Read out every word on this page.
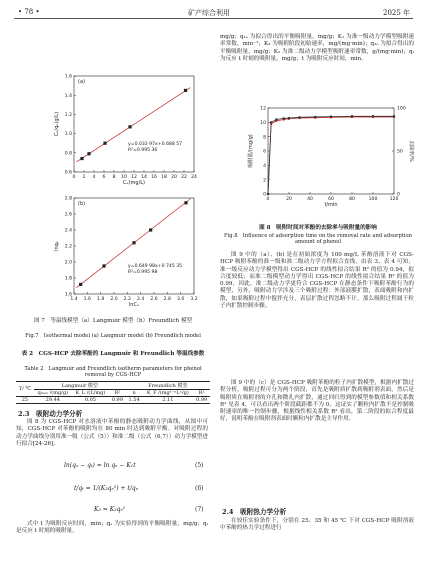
• 78 •	矿产综合利用	2025 年
0 2 4 6 8 10 12 14 16 18 20 22 24
0.6
0.8
1.0
1.2
1.4
1.6
(a)
y=0.033 97x+0.688 57
R²=0.995 36
Cₑ(mg/L)
Cₑ/qₑ(g/L)
1.4 1.6 1.8 2.0 2.2 2.4 2.6 2.8 3.0 3.2
1.6
1.8
2.0
2.2
2.4
2.6
2.8
(b)
y=0.649 98x+0.745 35
R²=0.995 98
lnCₑ
lnqₑ
图 7　等温线模型（a）Langmuir 模型（b）Freundlich 模型
Fig.7　Isothermal model (a) Langmuir model (b) Freundlich model
表 2　CGS-HCP 去除苯酚的 Langmuir 和 Freundlich 等温线参数
Table 2　Langmuir and Freundlich isotherm parameters for phenol removal by CGS-HCP
T/ ℃	Langmuir 模型			Freundlich 模型		
	qₘₐₓ /(mg/g)	K_L /(L/mg)	R²	n	K_F /(mg¹⁻ⁿLⁿ/g)	R²
25	29.44	0.05	0.99	1.54	2.11	0.99
2.3　吸附动力学分析
图 8 为 CGS-HCP 对水溶液中苯酚的静态吸附动力学曲线，从图中可知，CGS-HCP 对苯酚的吸附均在 80 min 时达到吸附平衡。对吸附过程的动力学曲线分别用准一级（公式（5））和准二级（公式（6,7））动力学模型进行拟合[24-26]。
ln(qₑ − qₜ) = ln qₑ − K₁t	(5)
t/qₜ = 1/(K₂qₑ²) + t/qₑ	(6)
K₃ = K₂qₑ²	(7)
式中 t 为吸附反应时间，min；qₑ 为实验得到的平衡吸附量，mg/g；qₜ 是反应 t 时刻的吸附量，
mg/g；q₁ₑ 为拟合得出的平衡吸附量，mg/g；K₁ 为准一级动力学模型吸附速率常数，min⁻¹；K₃ 为吸附阶段初始速率，mg/(mg·min)；q₂ₑ 为拟合得出的平衡吸附量，mg/g；K₂ 为准二级动力学模型吸附速率常数，g/(mg·min)；qₜ 为反应 t 时刻的吸附量，mg/g；t 为吸附反应时间，min。
0	20	40	60	80	100	120
0
2
4
6
8
10
12
0
50
100
t/min
吸附量/(mg/g)	去除率/%
图 8　吸附时间对苯酚的去除率与吸附量的影响
Fig.8　Influence of adsorption time on the removal rate and adsorption amount of phenol
图 9 中的（a）、(b) 是在初始浓度为 100 mg/L 苯酚溶液下对 CGS-HCP 吸附苯酚的准一级和准二级动力学方程拟合直线，由表 3、表 4 可知，准一级反应动力学模型得出 CGS-HCP 的线性拟合结果 R² 的值为 0.94，拟合度较低；而准二级模型动力学得出 CGS-HCP 的线性拟合结果 R² 的值为 0.99，因此，准二级动力学更符合 CGS-HCP 在静态条件下吸附苯酚行为的模型，另外，吸附动力学涉及三个吸附过程：外部液膜扩散，表面吸附和内扩散，如果吸附过程中搅拌充分，表层扩散过程忽略不计，那么吸附过程属于粒子内扩散控制步骤。
图 9 中的（c）是 CGS-HCP 吸附苯酚的粒子内扩散模型，根据内扩散过程分析，吸附过程可分为两个阶段，首先是吸附质扩散到吸附剂表面，然后是吸附质在吸附剂的介孔和微孔内扩散，通过回归得到的模型参数值和相关系数 R² 见表 4，可以看出两个阶段截距都不为 0，这证实了颗粒内扩散不是控制吸附速率的唯一控制步骤，根据线性相关系数 R² 看出，第二阶段的拟合程度最好，说明苯酚在吸附剂表面时颗粒内扩散是主导作用。
2.4　吸附热力学分析
在较佳实验条件下，分别在 25、35 和 45 ℃ 下对 CGS-HCP 吸附溶液中苯酚的热力学过程进行
